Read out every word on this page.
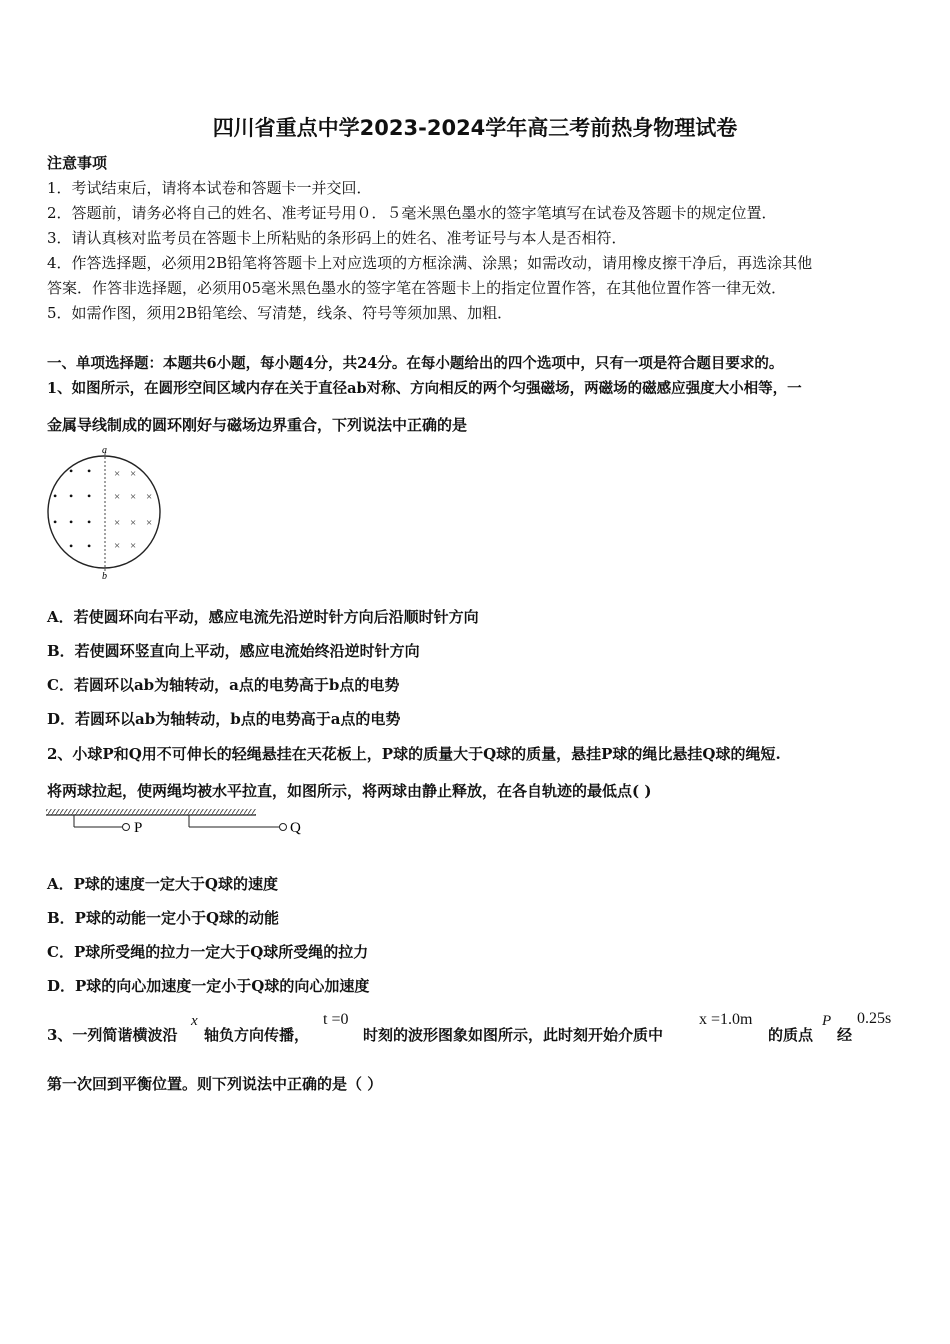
四川省重点中学2023-2024学年高三考前热身物理试卷
注意事项
1．考试结束后，请将本试卷和答题卡一并交回．
2．答题前，请务必将自己的姓名、准考证号用０．５毫米黑色墨水的签字笔填写在试卷及答题卡的规定位置．
3．请认真核对监考员在答题卡上所粘贴的条形码上的姓名、准考证号与本人是否相符．
4．作答选择题，必须用2B铅笔将答题卡上对应选项的方框涂满、涂黑；如需改动，请用橡皮擦干净后，再选涂其他
答案．作答非选择题，必须用05毫米黑色墨水的签字笔在答题卡上的指定位置作答，在其他位置作答一律无效．
5．如需作图，须用2B铅笔绘、写清楚，线条、符号等须加黑、加粗．
一、单项选择题：本题共6小题，每小题4分，共24分。在每小题给出的四个选项中，只有一项是符合题目要求的。
1、如图所示，在圆形空间区域内存在关于直径ab对称、方向相反的两个匀强磁场，两磁场的磁感应强度大小相等，一
金属导线制成的圆环刚好与磁场边界重合，下列说法中正确的是
a
b
• •
• • •
• • •
• •
× ×
× × ×
× × ×
× ×
A．若使圆环向右平动，感应电流先沿逆时针方向后沿顺时针方向
B．若使圆环竖直向上平动，感应电流始终沿逆时针方向
C．若圆环以ab为轴转动，a点的电势高于b点的电势
D．若圆环以ab为轴转动，b点的电势高于a点的电势
2、小球P和Q用不可伸长的轻绳悬挂在天花板上，P球的质量大于Q球的质量，悬挂P球的绳比悬挂Q球的绳短.
将两球拉起，使两绳均被水平拉直，如图所示，将两球由静止释放，在各自轨迹的最低点( )
P	Q
A．P球的速度一定大于Q球的速度
B．P球的动能一定小于Q球的动能
C．P球所受绳的拉力一定大于Q球所受绳的拉力
D．P球的向心加速度一定小于Q球的向心加速度
3、一列简谐横波沿
x
轴负方向传播，
t =0
时刻的波形图象如图所示，此时刻开始介质中
x =1.0m
的质点
P
经
0.25s
第一次回到平衡位置。则下列说法中正确的是（ ）
